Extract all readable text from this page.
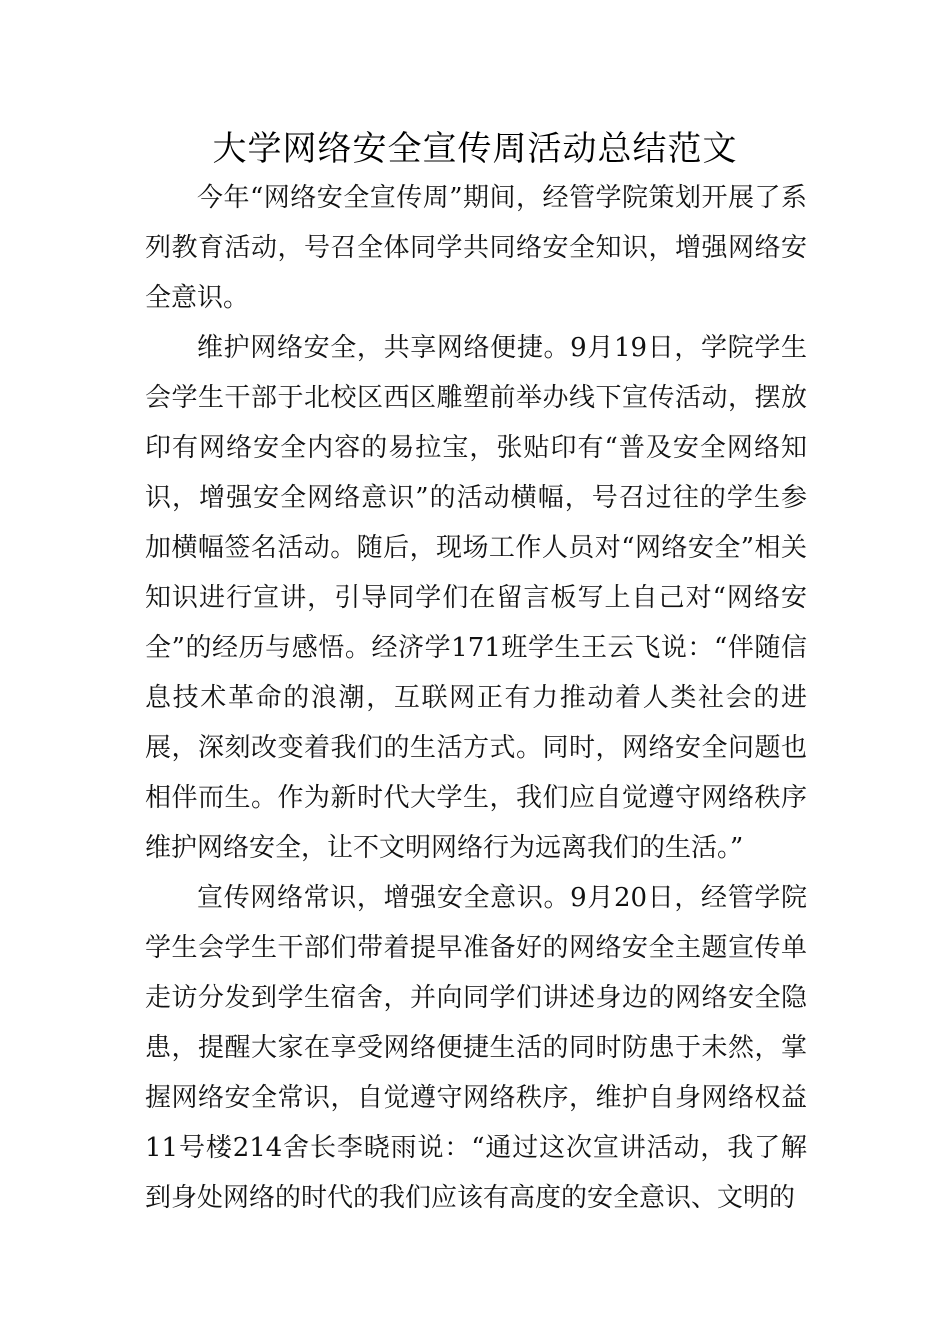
大学网络安全宣传周活动总结范文

今年“网络安全宣传周”期间，经管学院策划开展了系列教育活动，号召全体同学共同络安全知识，增强网络安全意识。

维护网络安全，共享网络便捷。9月19日，学院学生会学生干部于北校区西区雕塑前举办线下宣传活动，摆放印有网络安全内容的易拉宝，张贴印有“普及安全网络知识，增强安全网络意识”的活动横幅，号召过往的学生参加横幅签名活动。随后，现场工作人员对“网络安全”相关知识进行宣讲，引导同学们在留言板写上自己对“网络安全”的经历与感悟。经济学171班学生王云飞说：“伴随信息技术革命的浪潮，互联网正有力推动着人类社会的进展，深刻改变着我们的生活方式。同时，网络安全问题也相伴而生。作为新时代大学生，我们应自觉遵守网络秩序维护网络安全，让不文明网络行为远离我们的生活。”

宣传网络常识，增强安全意识。9月20日，经管学院学生会学生干部们带着提早准备好的网络安全主题宣传单走访分发到学生宿舍，并向同学们讲述身边的网络安全隐患，提醒大家在享受网络便捷生活的同时防患于未然，掌握网络安全常识，自觉遵守网络秩序，维护自身网络权益11号楼214舍长李晓雨说：“通过这次宣讲活动，我了解到身处网络的时代的我们应该有高度的安全意识、文明的
